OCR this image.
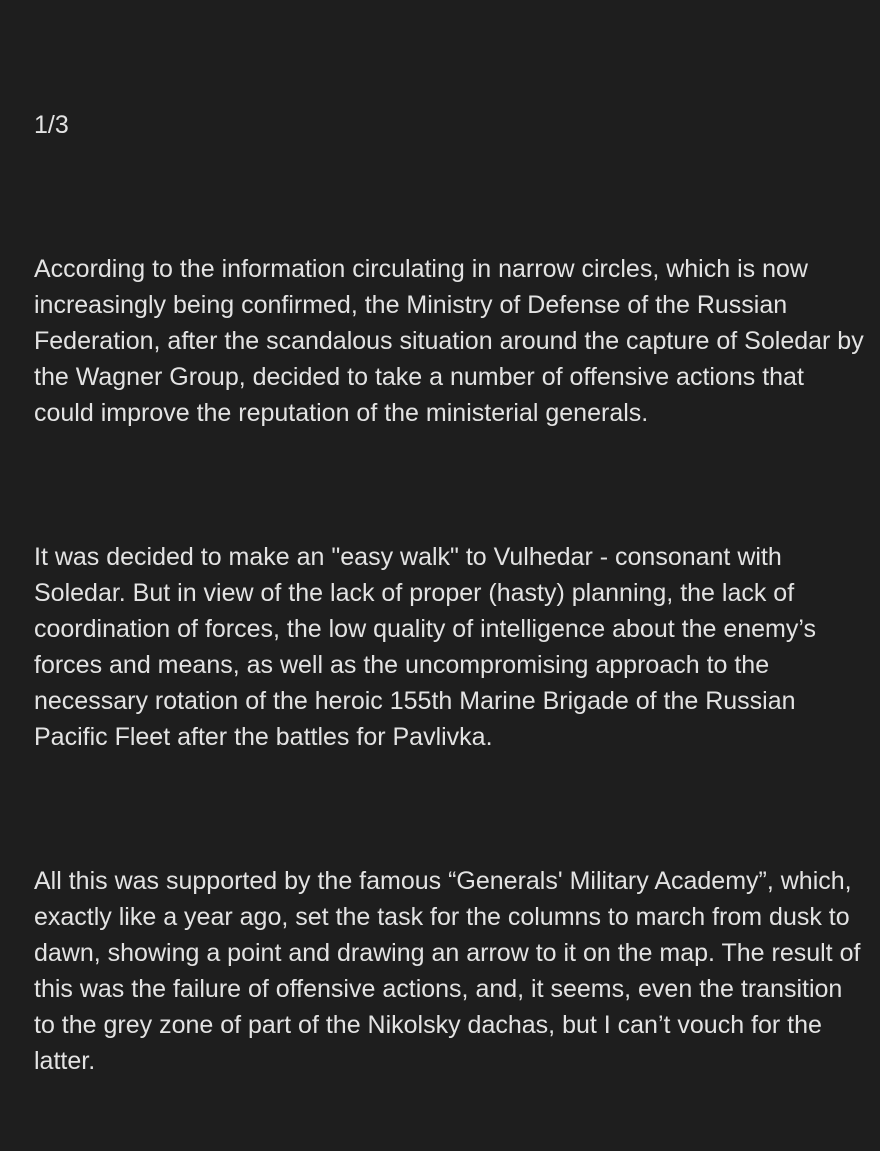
1/3

According to the information circulating in narrow circles, which is now increasingly being confirmed, the Ministry of Defense of the Russian Federation, after the scandalous situation around the capture of Soledar by the Wagner Group, decided to take a number of offensive actions that could improve the reputation of the ministerial generals.

It was decided to make an "easy walk" to Vulhedar - consonant with Soledar. But in view of the lack of proper (hasty) planning, the lack of coordination of forces, the low quality of intelligence about the enemy’s forces and means, as well as the uncompromising approach to the necessary rotation of the heroic 155th Marine Brigade of the Russian Pacific Fleet after the battles for Pavlivka.

All this was supported by the famous “Generals' Military Academy”, which, exactly like a year ago, set the task for the columns to march from dusk to dawn, showing a point and drawing an arrow to it on the map. The result of this was the failure of offensive actions, and, it seems, even the transition to the grey zone of part of the Nikolsky dachas, but I can’t vouch for the latter.
